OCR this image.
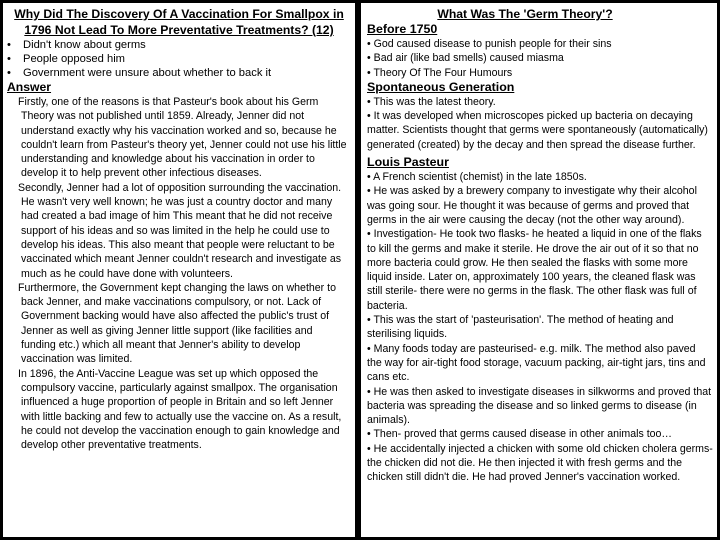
Why Did The Discovery Of A Vaccination For Smallpox in 1796 Not Lead To More Preventative Treatments? (12)
• Didn't know about germs
• People opposed him
• Government were unsure about whether to back it
Answer

Firstly, one of the reasons is that Pasteur's book about his Germ Theory was not published until 1859. Already, Jenner did not understand exactly why his vaccination worked and so, because he couldn't learn from Pasteur's theory yet, Jenner could not use his little understanding and knowledge about his vaccination in order to develop it to help prevent other infectious diseases.

Secondly, Jenner had a lot of opposition surrounding the vaccination. He wasn't very well known; he was just a country doctor and many had created a bad image of him This meant that he did not receive support of his ideas and so was limited in the help he could use to develop his ideas. This also meant that people were reluctant to be vaccinated which meant Jenner couldn't research and investigate as much as he could have done with volunteers.

Furthermore, the Government kept changing the laws on whether to back Jenner, and make vaccinations compulsory, or not. Lack of Government backing would have also affected the public's trust of Jenner as well as giving Jenner little support (like facilities and funding etc.) which all meant that Jenner's ability to develop vaccination was limited.

In 1896, the Anti-Vaccine League was set up which opposed the compulsory vaccine, particularly against smallpox. The organisation influenced a huge proportion of people in Britain and so left Jenner with little backing and few to actually use the vaccine on. As a result, he could not develop the vaccination enough to gain knowledge and develop other preventative treatments.

What Was The 'Germ Theory'?
Before 1750
• God caused disease to punish people for their sins
• Bad air (like bad smells) caused miasma
• Theory Of The Four Humours
Spontaneous Generation
• This was the latest theory.
• It was developed when microscopes picked up bacteria on decaying matter. Scientists thought that germs were spontaneously (automatically) generated (created) by the decay and then spread the disease further.
Louis Pasteur
• A French scientist (chemist) in the late 1850s.
• He was asked by a brewery company to investigate why their alcohol was going sour. He thought it was because of germs and proved that germs in the air were causing the decay (not the other way around).
• Investigation- He took two flasks- he heated a liquid in one of the flaks to kill the germs and make it sterile. He drove the air out of it so that no more bacteria could grow. He then sealed the flasks with some more liquid inside. Later on, approximately 100 years, the cleaned flask was still sterile- there were no germs in the flask. The other flask was full of bacteria.
• This was the start of 'pasteurisation'. The method of heating and sterilising liquids.
• Many foods today are pasteurised- e.g. milk. The method also paved the way for air-tight food storage, vacuum packing, air-tight jars, tins and cans etc.
• He was then asked to investigate diseases in silkworms and proved that bacteria was spreading the disease and so linked germs to disease (in animals).
• Then- proved that germs caused disease in other animals too…
• He accidentally injected a chicken with some old chicken cholera germs- the chicken did not die. He then injected it with fresh germs and the chicken still didn't die. He had proved Jenner's vaccination worked.
